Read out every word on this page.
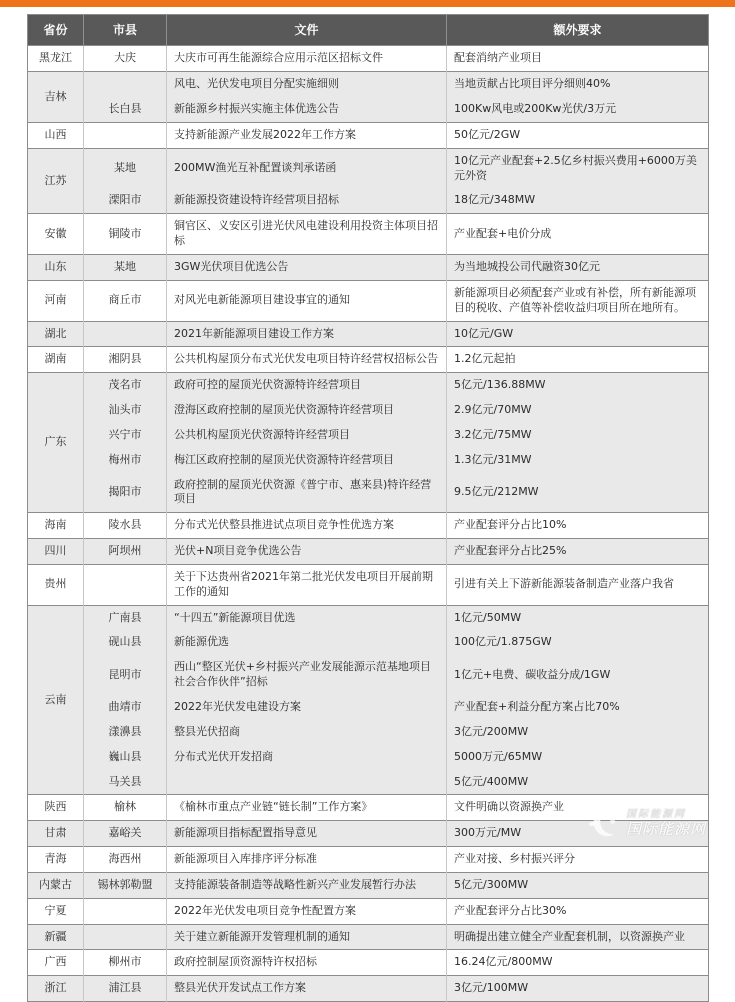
省份	市县	文件	额外要求
黑龙江	大庆	大庆市可再生能源综合应用示范区招标文件	配套消纳产业项目
吉林		风电、光伏发电项目分配实施细则	当地贡献占比项目评分细则40%
	长白县	新能源乡村振兴实施主体优选公告	100Kw风电或200Kw光伏/3万元
山西		支持新能源产业发展2022年工作方案	50亿元/2GW
江苏	某地	200MW渔光互补配置谈判承诺函	10亿元产业配套+2.5亿乡村振兴费用+6000万美元外资
	溧阳市	新能源投资建设特许经营项目招标	18亿元/348MW
安徽	铜陵市	铜官区、义安区引进光伏风电建设利用投资主体项目招标	产业配套+电价分成
山东	某地	3GW光伏项目优选公告	为当地城投公司代融资30亿元
河南	商丘市	对风光电新能源项目建设事宜的通知	新能源项目必须配套产业或有补偿，所有新能源项目的税收、产值等补偿收益归项目所在地所有。
湖北		2021年新能源项目建设工作方案	10亿元/GW
湖南	湘阴县	公共机构屋顶分布式光伏发电项目特许经营权招标公告	1.2亿元起拍
广东	茂名市	政府可控的屋顶光伏资源特许经营项目	5亿元/136.88MW
	汕头市	澄海区政府控制的屋顶光伏资源特许经营项目	2.9亿元/70MW
	兴宁市	公共机构屋顶光伏资源特许经营项目	3.2亿元/75MW
	梅州市	梅江区政府控制的屋顶光伏资源特许经营项目	1.3亿元/31MW
	揭阳市	政府控制的屋顶光伏资源《普宁市、惠来县)特许经营项目	9.5亿元/212MW
海南	陵水县	分布式光伏整县推进试点项目竞争性优选方案	产业配套评分占比10%
四川	阿坝州	光伏+N项目竞争优选公告	产业配套评分占比25%
贵州		关于下达贵州省2021年第二批光伏发电项目开展前期工作的通知	引进有关上下游新能源装备制造产业落户我省
云南	广南县	“十四五”新能源项目优选	1亿元/50MW
	砚山县	新能源优选	100亿元/1.875GW
	昆明市	西山“整区光伏+乡村振兴产业发展能源示范基地项目社会合作伙伴”招标	1亿元+电费、碳收益分成/1GW
	曲靖市	2022年光伏发电建设方案	产业配套+利益分配方案占比70%
	漾濞县	整县光伏招商	3亿元/200MW
	巍山县	分布式光伏开发招商	5000万元/65MW
	马关县		5亿元/400MW
陕西	榆林	《榆林市重点产业链“链长制”工作方案》	文件明确以资源换产业
甘肃	嘉峪关	新能源项目指标配置指导意见	300万元/MW
青海	海西州	新能源项目入库排序评分标准	产业对接、乡村振兴评分
内蒙古	锡林郭勒盟	支持能源装备制造等战略性新兴产业发展暂行办法	5亿元/300MW
宁夏		2022年光伏发电项目竞争性配置方案	产业配套评分占比30%
新疆		关于建立新能源开发管理机制的通知	明确提出建立健全产业配套机制，以资源换产业
广西	柳州市	政府控制屋顶资源特许权招标	16.24亿元/800MW
浙江	浦江县	整县光伏开发试点工作方案	3亿元/100MW
国际能源网
国际能源网
